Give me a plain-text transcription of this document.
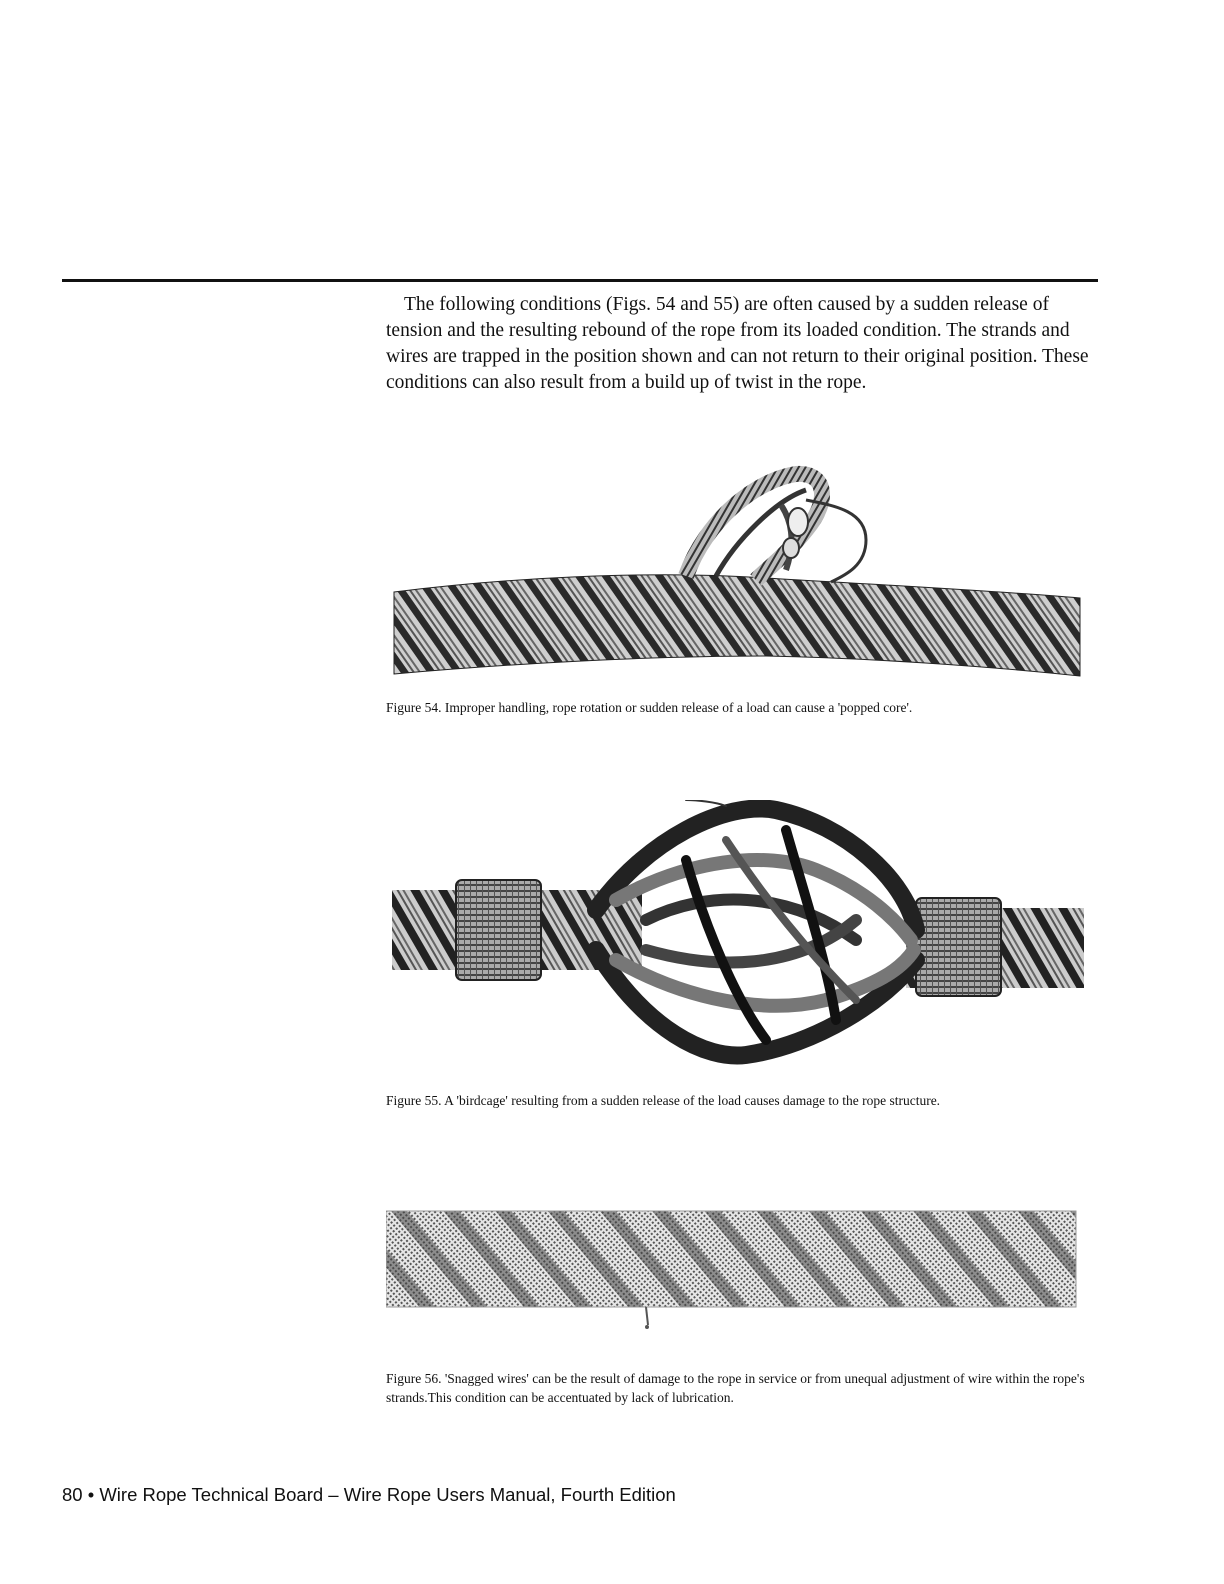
The following conditions (Figs. 54 and 55) are often caused by a sudden release of tension and the resulting rebound of the rope from its loaded condition. The strands and wires are trapped in the position shown and can not return to their original position. These conditions can also result from a build up of twist in the rope.

Figure 54. Improper handling, rope rotation or sudden release of a load can cause a 'popped core'.

Figure 55. A 'birdcage' resulting from a sudden release of the load causes damage to the rope structure.

Figure 56. 'Snagged wires' can be the result of damage to the rope in service or from unequal adjustment of wire within the rope's strands.This condition can be accentuated by lack of lubrication.

80 • Wire Rope Technical Board – Wire Rope Users Manual, Fourth Edition
